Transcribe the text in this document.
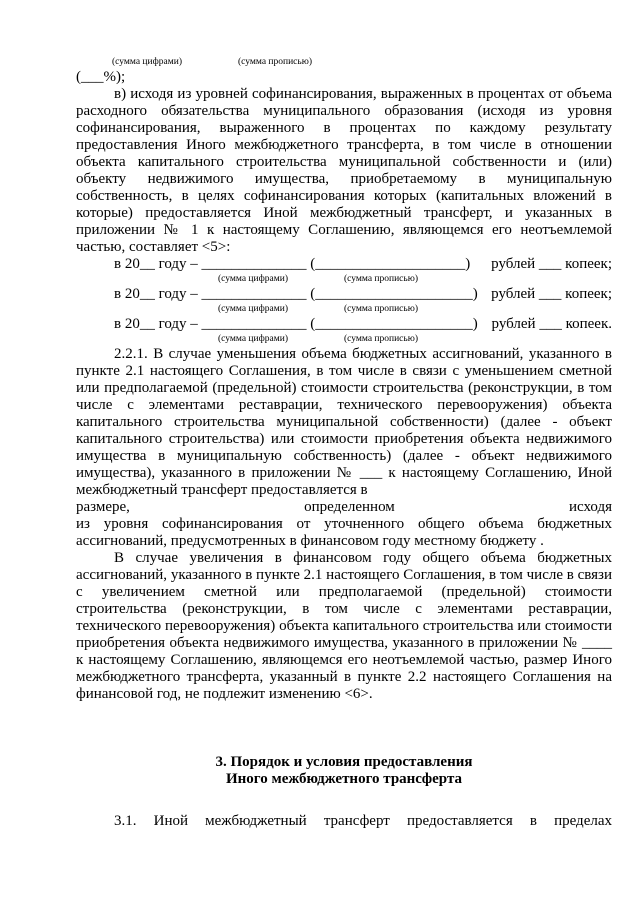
(сумма цифрами)	(сумма прописью)

(___%);

в) исходя из уровней софинансирования, выраженных в процентах от объема расходного обязательства муниципального образования (исходя из уровня софинансирования, выраженного в процентах по каждому результату предоставления Иного межбюджетного трансферта, в том числе в отношении объекта капитального строительства муниципальной собственности и (или) объекту недвижимого имущества, приобретаемому в муниципальную собственность, в целях софинансирования которых (капитальных вложений в которые) предоставляется Иной межбюджетный трансферт, и указанных в приложении № 1 к настоящему Соглашению, являющемся его неотъемлемой частью, составляет <5>:

в 20__ году – ______________ (____________________)	рублей ___ копеек;
(сумма цифрами)	(сумма прописью)
в 20__ году – ______________ (_____________________) рублей ___ копеек;
(сумма цифрами)	(сумма прописью)
в 20__ году – ______________ (_____________________) рублей ___ копеек.
(сумма цифрами)	(сумма прописью)

2.2.1. В случае уменьшения объема бюджетных ассигнований, указанного в пункте 2.1 настоящего Соглашения, в том числе в связи с уменьшением сметной или предполагаемой (предельной) стоимости строительства (реконструкции, в том числе с элементами реставрации, технического перевооружения) объекта капитального строительства муниципальной собственности) (далее - объект капитального строительства) или стоимости приобретения объекта недвижимого имущества в муниципальную собственность) (далее - объект недвижимого имущества), указанного в приложении № ___ к настоящему Соглашению, Иной межбюджетный трансферт предоставляется в

размере,	определенном	исходя

из уровня софинансирования от уточненного общего объема бюджетных ассигнований, предусмотренных в финансовом году местному бюджету .

В случае увеличения в финансовом году общего объема бюджетных ассигнований, указанного в пункте 2.1 настоящего Соглашения, в том числе в связи с увеличением сметной или предполагаемой (предельной) стоимости строительства (реконструкции, в том числе с элементами реставрации, технического перевооружения) объекта капитального строительства или стоимости приобретения объекта недвижимого имущества, указанного в приложении № ____ к настоящему Соглашению, являющемся его неотъемлемой частью, размер Иного межбюджетного трансферта, указанный в пункте 2.2 настоящего Соглашения на финансовой год, не подлежит изменению <6>.

3. Порядок и условия предоставления
Иного межбюджетного трансферта

3.1. Иной межбюджетный трансферт предоставляется в пределах
